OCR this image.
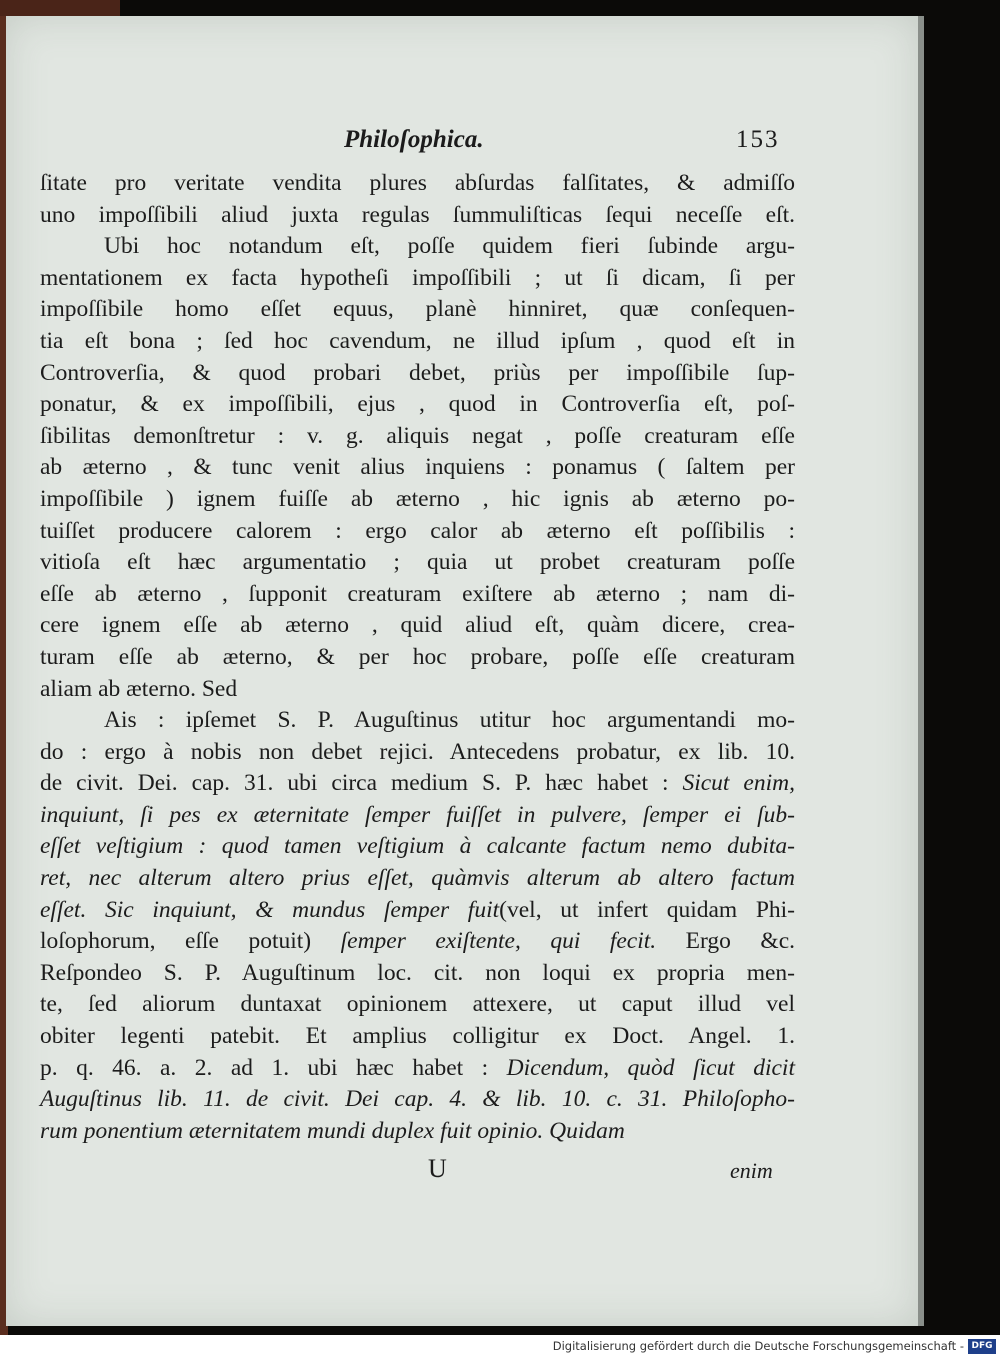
Philoſophica.	153
ſitate pro veritate vendita plures abſurdas falſitates, & admiſſo
uno impoſſibili aliud juxta regulas ſummuliſticas ſequi neceſſe eſt.
Ubi hoc notandum eſt, poſſe quidem fieri ſubinde argu-
mentationem ex facta hypotheſi impoſſibili ; ut ſi dicam, ſi per
impoſſibile homo eſſet equus, planè hinniret, quæ conſequen-
tia eſt bona ; ſed hoc cavendum, ne illud ipſum , quod eſt in
Controverſia, & quod probari debet, priùs per impoſſibile ſup-
ponatur, & ex impoſſibili, ejus , quod in Controverſia eſt, poſ-
ſibilitas demonſtretur : v. g. aliquis negat , poſſe creaturam eſſe
ab æterno , & tunc venit alius inquiens : ponamus ( ſaltem per
impoſſibile ) ignem fuiſſe ab æterno , hic ignis ab æterno po-
tuiſſet producere calorem : ergo calor ab æterno eſt poſſibilis :
vitioſa eſt hæc argumentatio ; quia ut probet creaturam poſſe
eſſe ab æterno , ſupponit creaturam exiſtere ab æterno ; nam di-
cere ignem eſſe ab æterno , quid aliud eſt, quàm dicere, crea-
turam eſſe ab æterno, & per hoc probare, poſſe eſſe creaturam
aliam ab æterno. Sed
Ais : ipſemet S. P. Auguſtinus utitur hoc argumentandi mo-
do : ergo à nobis non debet rejici. Antecedens probatur, ex lib. 10.
de civit. Dei. cap. 31. ubi circa medium S. P. hæc habet : Sicut enim,
inquiunt, ſi pes ex æternitate ſemper fuiſſet in pulvere, ſemper ei ſub-
eſſet veſtigium : quod tamen veſtigium à calcante factum nemo dubita-
ret, nec alterum altero prius eſſet, quàmvis alterum ab altero factum
eſſet. Sic inquiunt, & mundus ſemper fuit(vel, ut infert quidam Phi-
loſophorum, eſſe potuit) ſemper exiſtente, qui fecit. Ergo &c.
Reſpondeo S. P. Auguſtinum loc. cit. non loqui ex propria men-
te, ſed aliorum duntaxat opinionem attexere, ut caput illud vel
obiter legenti patebit. Et amplius colligitur ex Doct. Angel. 1.
p. q. 46. a. 2. ad 1. ubi hæc habet : Dicendum, quòd ſicut dicit
Auguſtinus lib. 11. de civit. Dei cap. 4. & lib. 10. c. 31. Philoſopho-
rum ponentium æternitatem mundi duplex fuit opinio. Quidam
U	enim
Digitalisierung gefördert durch die Deutsche Forschungsgemeinschaft - DFG
